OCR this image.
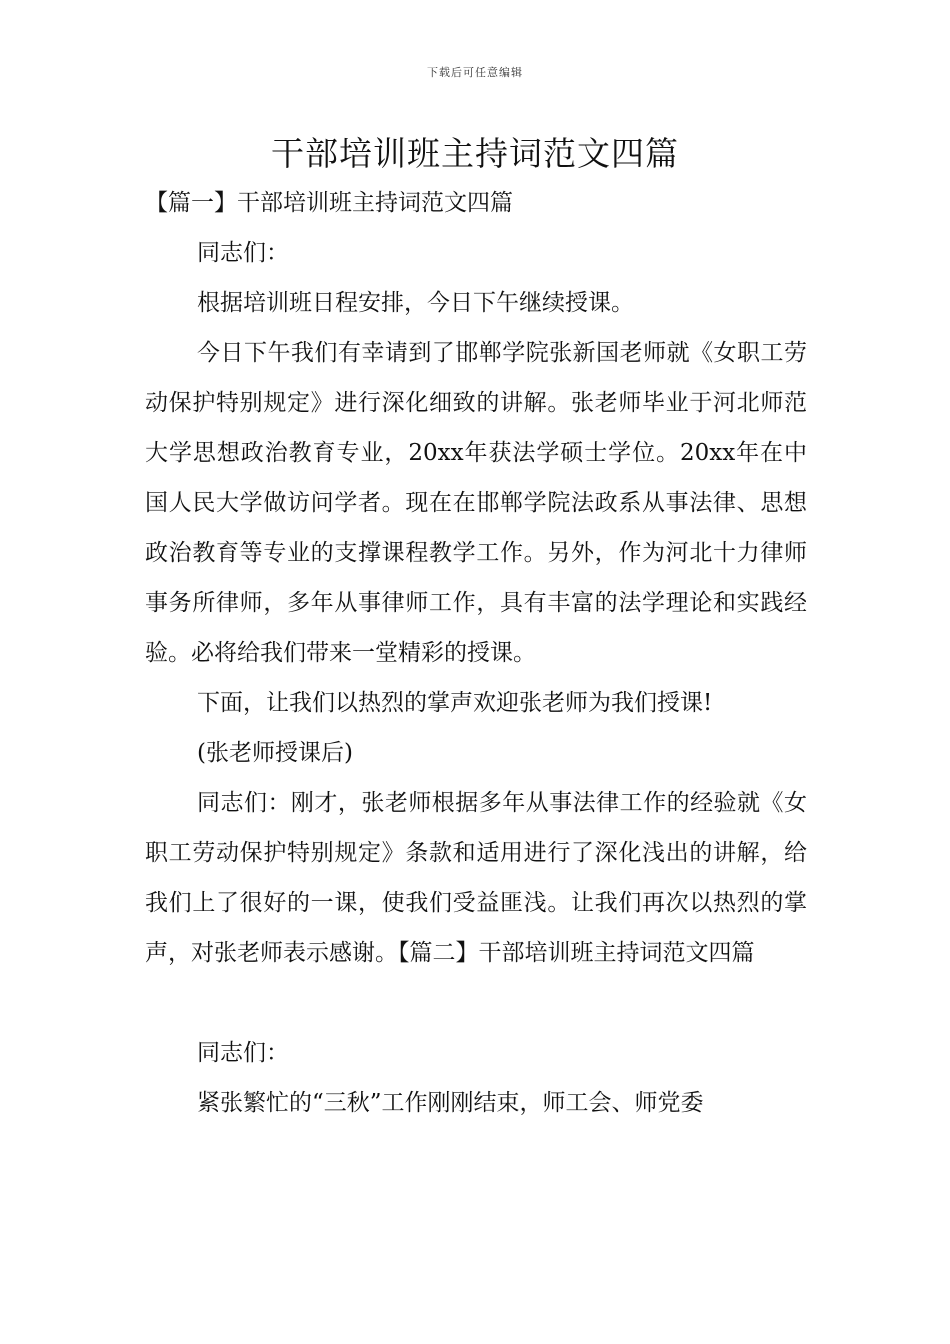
下载后可任意编辑
干部培训班主持词范文四篇

【篇一】干部培训班主持词范文四篇

同志们：

根据培训班日程安排，今日下午继续授课。

今日下午我们有幸请到了邯郸学院张新国老师就《女职工劳动保护特别规定》进行深化细致的讲解。张老师毕业于河北师范大学思想政治教育专业，20xx年获法学硕士学位。20xx年在中国人民大学做访问学者。现在在邯郸学院法政系从事法律、思想政治教育等专业的支撑课程教学工作。另外，作为河北十力律师事务所律师，多年从事律师工作，具有丰富的法学理论和实践经验。必将给我们带来一堂精彩的授课。

下面，让我们以热烈的掌声欢迎张老师为我们授课!

(张老师授课后)

同志们：刚才，张老师根据多年从事法律工作的经验就《女职工劳动保护特别规定》条款和适用进行了深化浅出的讲解，给我们上了很好的一课，使我们受益匪浅。让我们再次以热烈的掌声，对张老师表示感谢。【篇二】干部培训班主持词范文四篇

同志们：

紧张繁忙的“三秋”工作刚刚结束，师工会、师党委
